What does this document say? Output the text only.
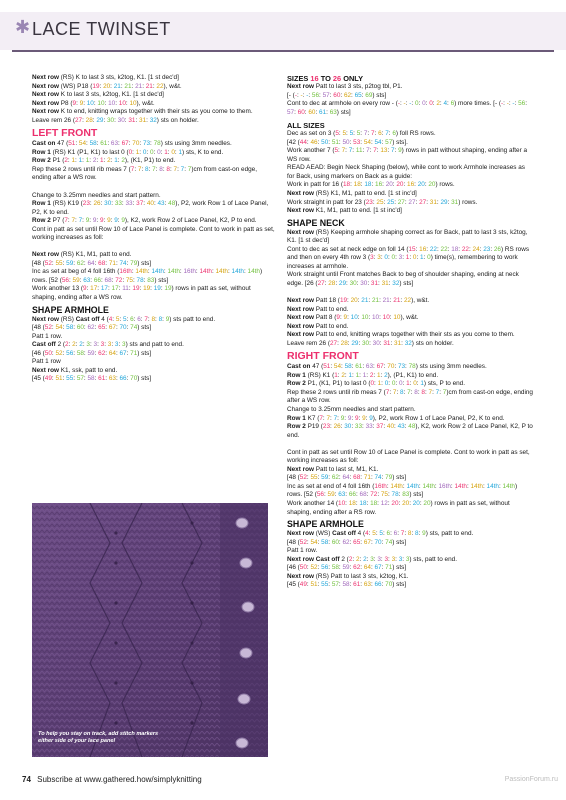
✱ LACE TWINSET
Next row (RS) K to last 3 sts, k2tog, K1. [1 st dec'd]
Next row (WS) P18 (19: 20: 21: 21: 21: 21: 22), w&t.
Next row K to last 3 sts, k2tog, K1. [1 st dec'd]
Next row P8 (9: 9: 10: 10: 10: 10: 10), w&t.
Next row K to end, knitting wraps together with their sts as you come to them.
Leave rem 26 (27: 28: 29: 30: 30: 31: 31: 32) sts on holder.
LEFT FRONT
Cast on 47 (51: 54: 58: 61: 63: 67: 70: 73: 78) sts using 3mm needles.
Row 1 (RS) K1 (P1, K1) to last 0 (0: 1: 0: 0: 0: 1: 0: 1) sts, K to end.
Row 2 P1 (2: 1: 1: 1: 2: 1: 2: 1: 2), (K1, P1) to end.
Rep these 2 rows until rib meas 7 (7: 7: 8: 7: 8: 8: 7: 7: 7)cm from cast-on edge, ending after a WS row.
Change to 3.25mm needles and start pattern.
Row 1 (RS) K19 (23: 26: 30: 33: 33: 37: 40: 43: 48), P2, work Row 1 of Lace Panel, P2, K to end.
Row 2 P7 (7: 7: 7: 9: 9: 9: 9: 9: 9), K2, work Row 2 of Lace Panel, K2, P to end.
Cont in patt as set until Row 10 of Lace Panel is complete. Cont to work in patt as set, working increases as foll:
Next row (RS) K1, M1, patt to end.
[48 (52: 55: 59: 62: 64: 68: 71: 74: 79) sts]
Inc as set at beg of 4 foll 16th (16th: 14th: 14th: 14th: 16th: 14th: 14th: 14th: 14th) rows. [52 (56: 59: 63: 66: 68: 72: 75: 78: 83) sts]
Work another 13 (9: 17: 17: 17: 11: 19: 19: 19: 19) rows in patt as set, without shaping, ending after a WS row.
SHAPE ARMHOLE
Next row (RS) Cast off 4 (4: 5: 5: 6: 6: 7: 8: 8: 9) sts patt to end.
[48 (52: 54: 58: 60: 62: 65: 67: 70: 74) sts]
Patt 1 row.
Cast off 2 (2: 2: 2: 3: 3: 3: 3: 3: 3) sts and patt to end.
[46 (50: 52: 56: 58: 59: 62: 64: 67: 71) sts]
Patt 1 row
Next row K1, ssk, patt to end.
[45 (49: 51: 55: 57: 58: 61: 63: 66: 70) sts]
SIZES 16 TO 26 ONLY
Next row Patt to last 3 sts, p2tog tbl, P1.
[- (-: -: -: 56: 57: 60: 62: 65: 69) sts]
Cont to dec at armhole on every row - (-: -: -: 0: 0: 0: 2: 4: 6) more times. [- (-: -: -: 56: 57: 60: 60: 61: 63) sts]
ALL SIZES
Dec as set on 3 (5: 5: 5: 5: 7: 7: 6: 7: 6) foll RS rows.
[42 (44: 46: 50: 51: 50: 53: 54: 54: 57) sts].
Work another 7 (5: 7: 7: 11: 7: 7: 13: 7: 9) rows in patt without shaping, ending after a WS row.
READ AEAD: Begin Neck Shaping (below), while cont to work Armhole increases as for Back, using markers on Back as a guide:
Work in patt for 16 (18: 18: 18: 16: 20: 20: 16: 20: 20) rows.
Next row (RS) K1, M1, patt to end. [1 st inc'd]
Work straight in patt for 23 (23: 25: 25: 27: 27: 27: 31: 29: 31) rows.
Next row K1, M1, patt to end. [1 st inc'd]
SHAPE NECK
Next row (RS) Keeping armhole shaping correct as for Back, patt to last 3 sts, k2tog, K1. [1 st dec'd]
Cont to dec as set at neck edge on foll 14 (15: 16: 22: 22: 18: 22: 24: 23: 26) RS rows and then on every 4th row 3 (3: 3: 0: 0: 3: 1: 0: 1: 0) time(s), remembering to work increases at armhole.
Work straight until Front matches Back to beg of shoulder shaping, ending at neck edge. [26 (27: 28: 29: 30: 30: 31: 31: 32) sts]
Next row Patt 18 (19: 20: 21: 21: 21: 21: 22), w&t.
Next row Patt to end.
Next row Patt 8 (9: 9: 10: 10: 10: 10: 10), w&t.
Next row Patt to end.
Next row Patt to end, knitting wraps together with their sts as you come to them.
Leave rem 26 (27: 28: 29: 30: 30: 31: 31: 32) sts on holder.
RIGHT FRONT
Cast on 47 (51: 54: 58: 61: 63: 67: 70: 73: 78) sts using 3mm needles.
Row 1 (RS) K1 (1: 2: 1: 1: 1: 2: 1: 2), (P1, K1) to end.
Row 2 P1, (K1, P1) to last 0 (0: 1: 0: 0: 0: 1: 0: 1) sts, P to end.
Rep these 2 rows until rib meas 7 (7: 7: 8: 7: 8: 8: 7: 7: 7)cm from cast-on edge, ending after a WS row.
Change to 3.25mm needles and start pattern.
Row 1 K7 (7: 7: 7: 9: 9: 9: 9: 9), P2, work Row 1 of Lace Panel, P2, K to end.
Row 2 P19 (23: 26: 30: 33: 33: 37: 40: 43: 48), K2, work Row 2 of Lace Panel, K2, P to end.
Cont in patt as set until Row 10 of Lace Panel is complete. Cont to work in patt as set, working increases as foll:
Next row Patt to last st, M1, K1.
[48 (52: 55: 59: 62: 64: 68: 71: 74: 79) sts]
Inc as set at end of 4 foll 16th (16th: 14th: 14th: 14th: 16th: 14th: 14th: 14th: 14th) rows. [52 (56: 59: 63: 66: 68: 72: 75: 78: 83) sts]
Work another 14 (10: 18: 18: 18: 12: 20: 20: 20: 20) rows in patt as set, without shaping, ending after a RS row.
SHAPE ARMHOLE
Next row (WS) Cast off 4 (4: 5: 5: 6: 6: 7: 8: 8: 9) sts, patt to end.
[48 (52: 54: 58: 60: 62: 65: 67: 70: 74) sts]
Patt 1 row.
Next row Cast off 2 (2: 2: 2: 3: 3: 3: 3: 3: 3) sts, patt to end.
[46 (50: 52: 56: 58: 59: 62: 64: 67: 71) sts]
Next row (RS) Patt to last 3 sts, k2tog, K1.
[45 (49: 51: 55: 57: 58: 61: 63: 66: 70) sts]
To help you stay on track, add stitch markers either side of your lace panel
74 Subscribe at www.gathered.how/simplyknitting	PassionForum.ru
